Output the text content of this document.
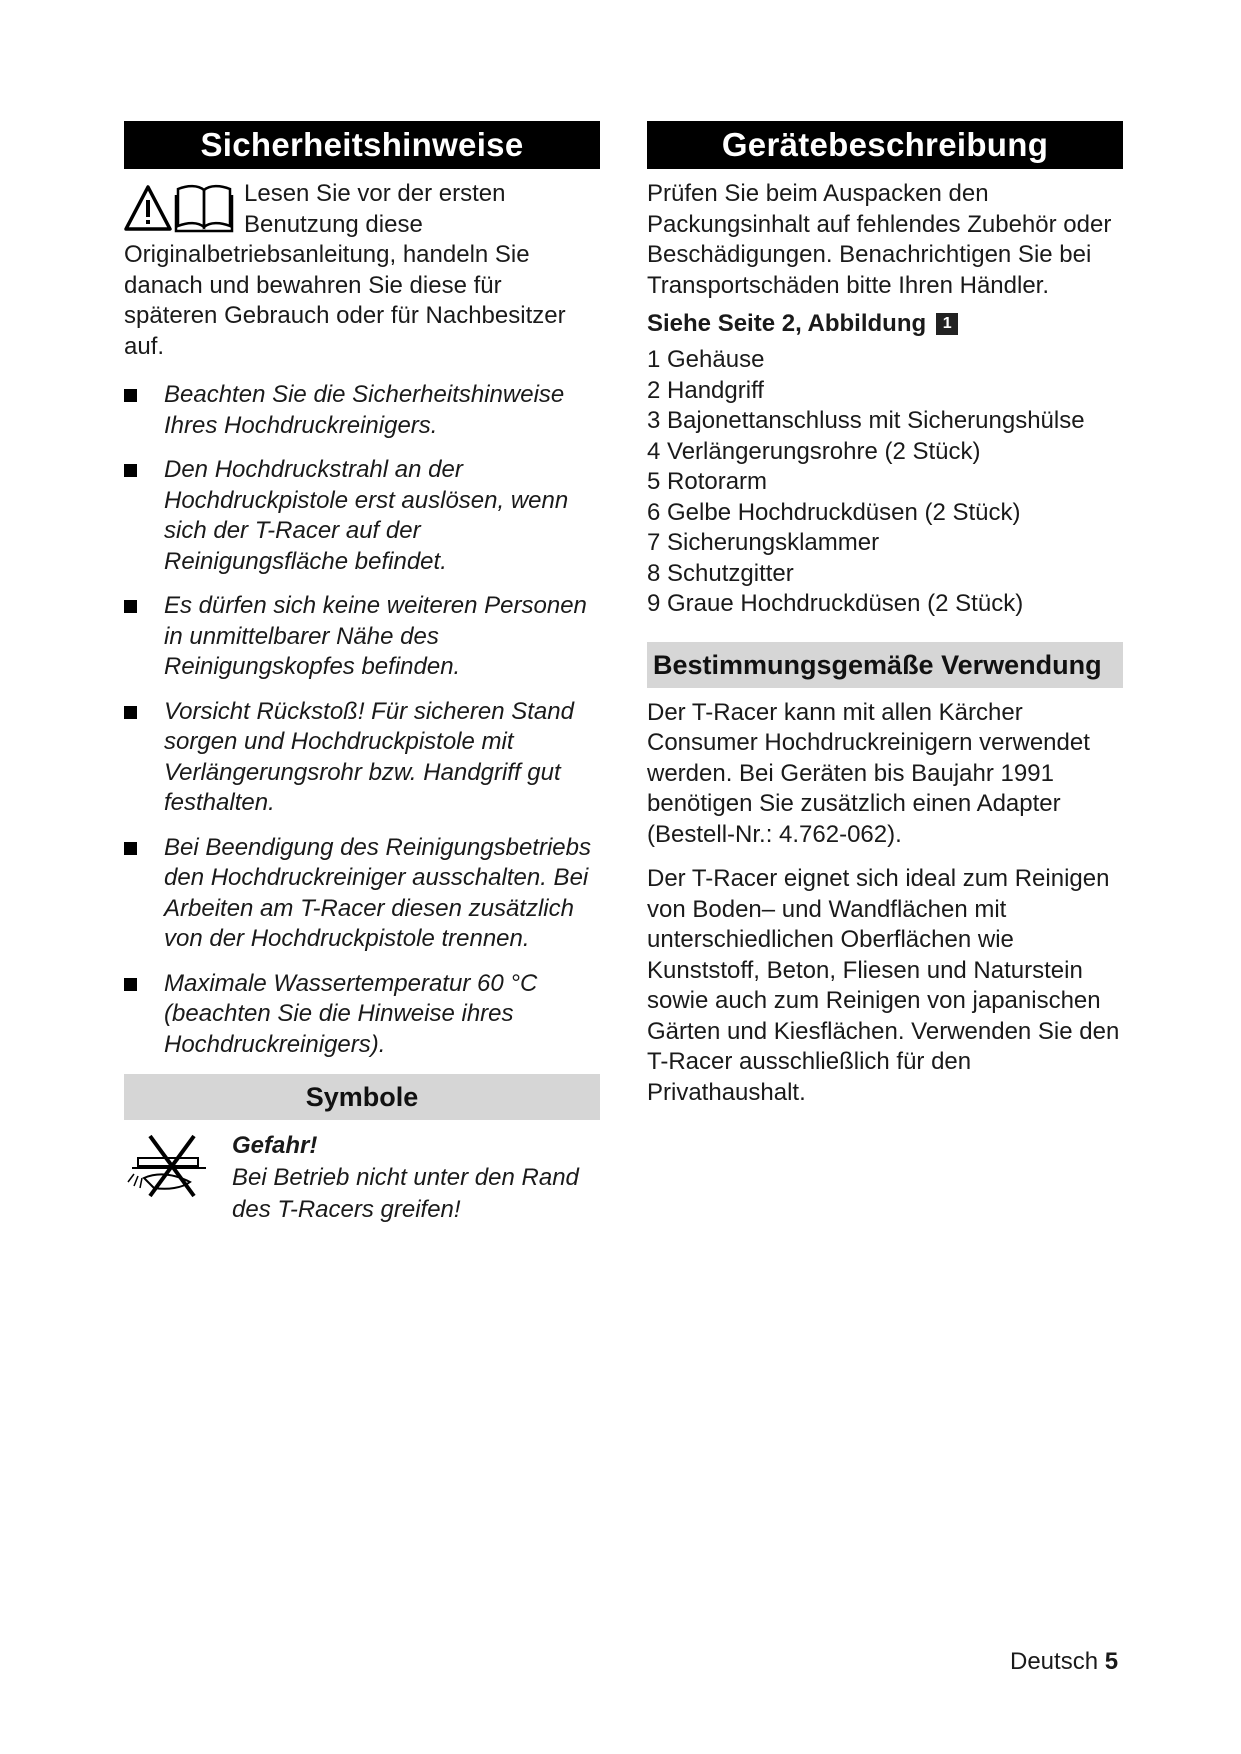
Sicherheitshinweise

Lesen Sie vor der ersten Benutzung diese Originalbetriebsanleitung, handeln Sie danach und bewahren Sie diese für späteren Gebrauch oder für Nachbesitzer auf.

Beachten Sie die Sicherheitshinweise Ihres Hochdruckreinigers.
Den Hochdruckstrahl an der Hochdruckpistole erst auslösen, wenn sich der T-Racer auf der Reinigungsfläche befindet.
Es dürfen sich keine weiteren Personen in unmittelbarer Nähe des Reinigungskopfes befinden.
Vorsicht Rückstoß! Für sicheren Stand sorgen und Hochdruckpistole mit Verlängerungsrohr bzw. Handgriff gut festhalten.
Bei Beendigung des Reinigungsbetriebs den Hochdruckreiniger ausschalten. Bei Arbeiten am T-Racer diesen zusätzlich von der Hochdruckpistole trennen.
Maximale Wassertemperatur 60 °C (beachten Sie die Hinweise ihres Hochdruckreinigers).
Symbole
Gefahr!
Bei Betrieb nicht unter den Rand des T-Racers greifen!
Gerätebeschreibung

Prüfen Sie beim Auspacken den Packungsinhalt auf fehlendes Zubehör oder Beschädigungen. Benachrichtigen Sie bei Transportschäden bitte Ihren Händler.

Siehe Seite 2, Abbildung	1
1 Gehäuse
2 Handgriff
3 Bajonettanschluss mit Sicherungshülse
4 Verlängerungsrohre (2 Stück)
5 Rotorarm
6 Gelbe Hochdruckdüsen (2 Stück)
7 Sicherungsklammer
8 Schutzgitter
9 Graue Hochdruckdüsen (2 Stück)
Bestimmungsgemäße Verwendung

Der T-Racer kann mit allen Kärcher Consumer Hochdruckreinigern verwendet werden. Bei Geräten bis Baujahr 1991 benötigen Sie zusätzlich einen Adapter (Bestell-Nr.: 4.762-062).

Der T-Racer eignet sich ideal zum Reinigen von Boden– und Wandflächen mit unterschiedlichen Oberflächen wie Kunststoff, Beton, Fliesen und Naturstein sowie auch zum Reinigen von japanischen Gärten und Kiesflächen. Verwenden Sie den T-Racer ausschließlich für den Privathaushalt.

Deutsch 5
